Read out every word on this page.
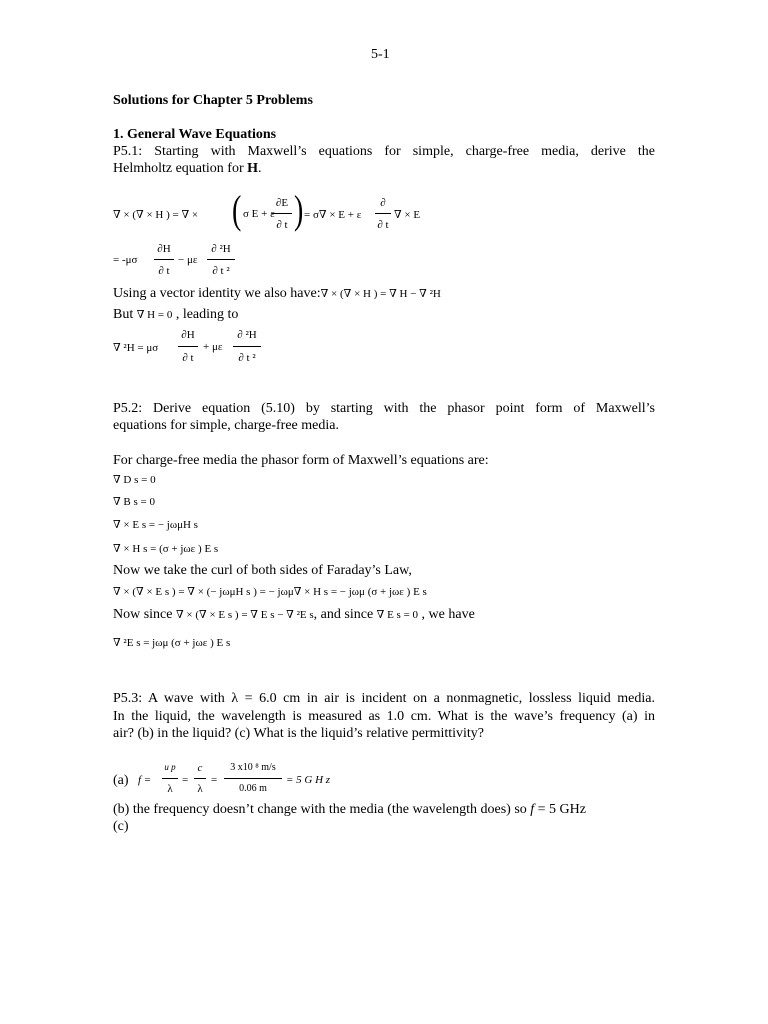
5-1
Solutions for Chapter 5 Problems
1. General Wave Equations
P5.1: Starting with Maxwell’s equations for simple, charge-free media, derive the
Helmholtz equation for H.
∇ × (∇ × H ) = ∇ × ( σ E + ε
∂E
∂ t ) = σ∇ × E + ε
∂
∂ t
∇ × E
= -μσ
∂H
∂ t
− με
∂ ²H
∂ t ²
Using a vector identity we also have:∇ × (∇ × H ) = ∇ H − ∇ ²H
But ∇ H = 0 , leading to
∇ ²H = μσ
∂H
∂ t
+ με
∂ ²H
∂ t ²
P5.2: Derive equation (5.10) by starting with the phasor point form of Maxwell’s
equations for simple, charge-free media.
For charge-free media the phasor form of Maxwell’s equations are:
∇ D s = 0
∇ B s = 0
∇ × E s = − jωμH s
∇ × H s = (σ + jωε ) E s
Now we take the curl of both sides of Faraday’s Law,
∇ × (∇ × E s ) = ∇ × (− jωμH s ) = − jωμ∇ × H s = − jωμ (σ + jωε ) E s
Now since ∇ × (∇ × E s ) = ∇ E s − ∇ ²E s, and since ∇ E s = 0 , we have
∇ ²E s = jωμ (σ + jωε ) E s
P5.3: A wave with λ = 6.0 cm in air is incident on a nonmagnetic, lossless liquid media.
In the liquid, the wavelength is measured as 1.0 cm. What is the wave’s frequency (a) in
air? (b) in the liquid? (c) What is the liquid’s relative permittivity?
(a) f =
u p
λ
=
c
λ
=
3 x10 ⁸ m/s
0.06 m
= 5 G H z
(b) the frequency doesn’t change with the media (the wavelength does) so f = 5 GHz
(c)
